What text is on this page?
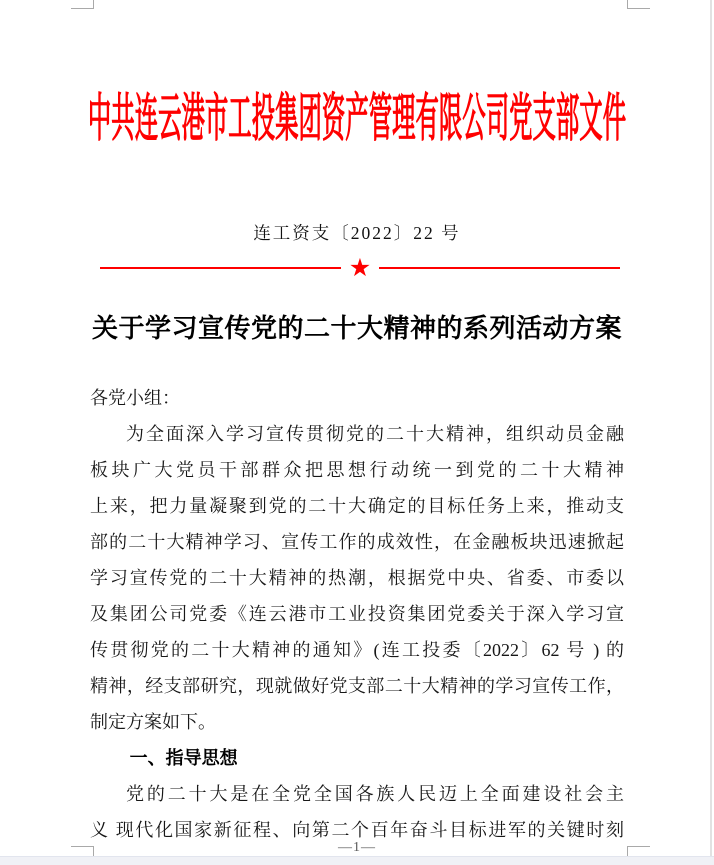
中共连云港市工投集团资产管理有限公司党支部文件
连工资支〔2022〕22 号
★
关于学习宣传党的二十大精神的系列活动方案
各党小组：
为全面深入学习宣传贯彻党的二十大精神，组织动员金融
板块广大党员干部群众把思想行动统一到党的二十大精神
上来，把力量凝聚到党的二十大确定的目标任务上来，推动支
部的二十大精神学习、宣传工作的成效性，在金融板块迅速掀起
学习宣传党的二十大精神的热潮，根据党中央、省委、市委以
及集团公司党委《连云港市工业投资集团党委关于深入学习宣
传贯彻党的二十大精神的通知》(连工投委〔2022〕62 号 ) 的
精神，经支部研究，现就做好党支部二十大精神的学习宣传工作，
制定方案如下。
一、指导思想
党的二十大是在全党全国各族人民迈上全面建设社会主
义 现代化国家新征程、向第二个百年奋斗目标进军的关键时刻
—1—
